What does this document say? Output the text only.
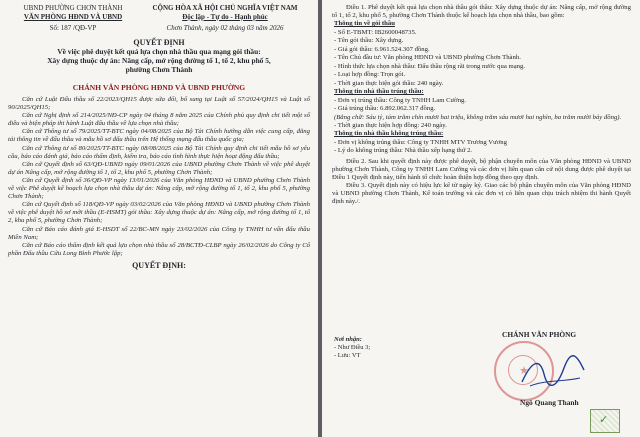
UBND PHƯỜNG CHƠN THÀNH
VĂN PHÒNG HĐND VÀ UBND
CỘNG HÒA XÃ HỘI CHỦ NGHĨA VIỆT NAM
Độc lập - Tự do - Hạnh phúc
Số: 187 /QĐ-VP	Chơn Thành, ngày 02 tháng 03 năm 2026
QUYẾT ĐỊNH
Về việc phê duyệt kết quả lựa chọn nhà thầu qua mạng gói thầu:
Xây dựng thuộc dự án: Nâng cấp, mở rộng đường tổ 1, tổ 2, khu phố 5,
phường Chơn Thành
CHÁNH VĂN PHÒNG HĐND VÀ UBND PHƯỜNG

Căn cứ Luật Đấu thầu số 22/2023/QH15 được sửa đổi, bổ sung tại Luật số 57/2024/QH15 và Luật số 90/2025/QH15;

Căn cứ Nghị định số 214/2025/NĐ-CP ngày 04 tháng 8 năm 2025 của Chính phủ quy định chi tiết một số điều và biện pháp thi hành Luật đấu thầu về lựa chọn nhà thầu;

Căn cứ Thông tư số 79/2025/TT-BTC ngày 04/08/2025 của Bộ Tài Chính hướng dẫn việc cung cấp, đăng tải thông tin về đấu thầu và mẫu hồ sơ đấu thầu trên Hệ thống mạng đấu thầu quốc gia;

Căn cứ Thông tư số 80/2025/TT-BTC ngày 08/08/2025 của Bộ Tài Chính quy định chi tiết mẫu hồ sơ yêu cầu, báo cáo đánh giá, báo cáo thẩm định, kiểm tra, báo cáo tình hình thực hiện hoạt động đấu thầu;

Căn cứ Quyết định số 63/QĐ-UBND ngày 09/01/2026 của UBND phường Chơn Thành về việc phê duyệt dự án Nâng cấp, mở rộng đường tổ 1, tổ 2, khu phố 5, phường Chơn Thành;

Căn cứ Quyết định số 36/QĐ-VP ngày 13/01/2026 của Văn phòng HĐND và UBND phường Chơn Thành về việc Phê duyệt kế hoạch lựa chọn nhà thầu dự án: Nâng cấp, mở rộng đường tổ 1, tổ 2, khu phố 5, phường Chơn Thành;

Căn cứ Quyết định số 118/QĐ-VP ngày 03/02/2026 của Văn phòng HĐND và UBND phường Chơn Thành về việc phê duyệt hồ sơ mời thầu (E-HSMT) gói thầu: Xây dựng thuộc dự án: Nâng cấp, mở rộng đường tổ 1, tổ 2, khu phố 5, phường Chơn Thành;

Căn cứ Báo cáo đánh giá E-HSDT số 22/BC-MN ngày 23/02/2026 của Công ty TNHH tư vấn đấu thầu Miền Nam;

Căn cứ Báo cáo thẩm định kết quả lựa chọn nhà thầu số 28/BCTĐ-CLBP ngày 26/02/2026 do Công ty Cổ phần Đấu thầu Cửu Long Bình Phước lập;

QUYẾT ĐỊNH:

Điều 1. Phê duyệt kết quả lựa chọn nhà thầu gói thầu: Xây dựng thuộc dự án: Nâng cấp, mở rộng đường tổ 1, tổ 2, khu phố 5, phường Chơn Thành thuộc kế hoạch lựa chọn nhà thầu, bao gồm:

Thông tin về gói thầu

- Số E-TBMT: IB2600048735.

- Tên gói thầu: Xây dựng.

- Giá gói thầu: 6.961.524.307 đồng.

- Tên Chủ đầu tư: Văn phòng HĐND và UBND phường Chơn Thành.

- Hình thức lựa chọn nhà thầu: Đấu thầu rộng rãi trong nước qua mạng.

- Loại hợp đồng: Trọn gói.

- Thời gian thực hiện gói thầu: 240 ngày.

Thông tin nhà thầu trúng thầu:

- Đơn vị trúng thầu: Công ty TNHH Lam Cường.

- Giá trúng thầu: 6.892.062.317 đồng.

(Bằng chữ: Sáu tỷ, tám trăm chín mươi hai triệu, không trăm sáu mươi hai nghìn, ba trăm mười bảy đồng).

- Thời gian thực hiện hợp đồng: 240 ngày.

Thông tin nhà thầu không trúng thầu:

- Đơn vị không trúng thầu: Công ty TNHH MTV Trương Vương

- Lý do không trúng thầu: Nhà thầu xếp hạng thứ 2.

Điều 2. Sau khi quyết định này được phê duyệt, bộ phận chuyên môn của Văn phòng HĐND và UBND phường Chơn Thành, Công ty TNHH Lam Cường và các đơn vị liên quan căn cứ nội dung được phê duyệt tại Điều 1 Quyết định này, tiến hành tổ chức hoàn thiện hợp đồng theo quy định.

Điều 3. Quyết định này có hiệu lực kể từ ngày ký. Giao các bộ phận chuyên môn của Văn phòng HĐND và UBND phường Chơn Thành, Kế toán trường và các đơn vị có liên quan chịu trách nhiệm thi hành Quyết định này./.

Nơi nhận:
- Như Điều 3;
- Lưu: VT
CHÁNH VĂN PHÒNG
★
Ngô Quang Thanh
✓
